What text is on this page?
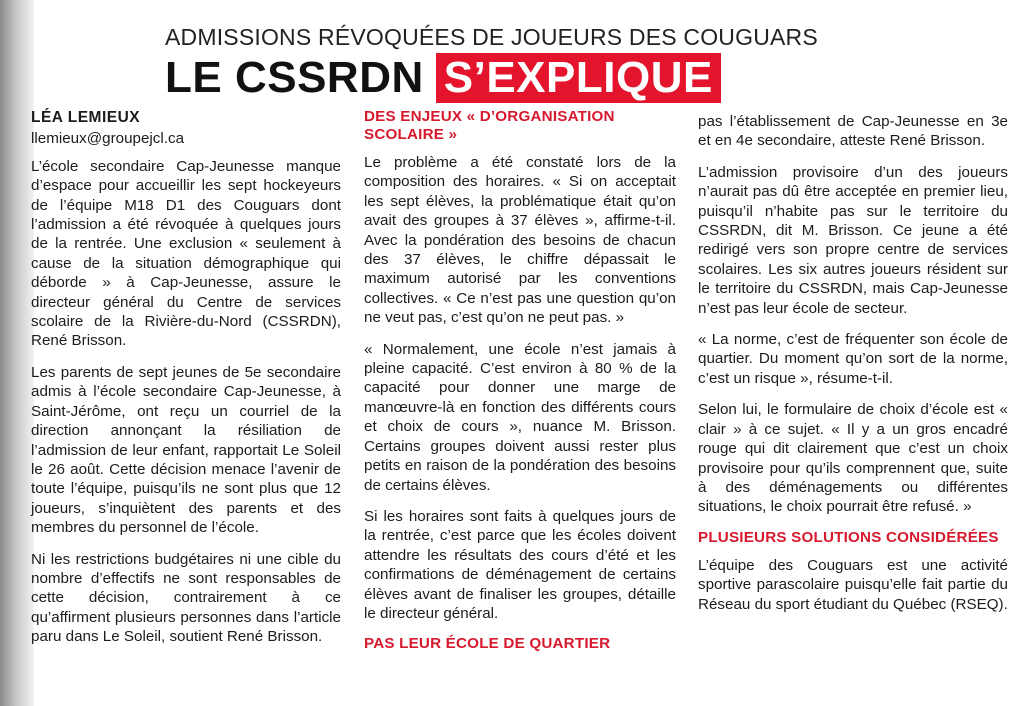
ADMISSIONS RÉVOQUÉES DE JOUEURS DES COUGUARS
LE CSSRDN S’EXPLIQUE
LÉA LEMIEUX
llemieux@groupejcl.ca

L’école secondaire Cap-Jeunesse manque d’espace pour accueillir les sept hockeyeurs de l’équipe M18 D1 des Couguars dont l’admission a été révoquée à quelques jours de la rentrée. Une exclusion « seulement à cause de la situation démographique qui déborde » à Cap-Jeunesse, assure le directeur général du Centre de services scolaire de la Rivière-du-Nord (CSSRDN), René Brisson.

Les parents de sept jeunes de 5e secondaire admis à l’école secondaire Cap-Jeunesse, à Saint-Jérôme, ont reçu un courriel de la direction annonçant la résiliation de l’admission de leur enfant, rapportait Le Soleil le 26 août. Cette décision menace l’avenir de toute l’équipe, puisqu’ils ne sont plus que 12 joueurs, s’inquiètent des parents et des membres du personnel de l’école.

Ni les restrictions budgétaires ni une cible du nombre d’effectifs ne sont responsables de cette décision, contrairement à ce qu’affirment plusieurs personnes dans l’article paru dans Le Soleil, soutient René Brisson.

DES ENJEUX « D’ORGANISATION SCOLAIRE »

Le problème a été constaté lors de la composition des horaires. « Si on acceptait les sept élèves, la problématique était qu’on avait des groupes à 37 élèves », affirme-t-il. Avec la pondération des besoins de chacun des 37 élèves, le chiffre dépassait le maximum autorisé par les conventions collectives. « Ce n’est pas une question qu’on ne veut pas, c’est qu’on ne peut pas. »

« Normalement, une école n’est jamais à pleine capacité. C’est environ à 80 % de la capacité pour donner une marge de manœuvre-là en fonction des différents cours et choix de cours », nuance M. Brisson. Certains groupes doivent aussi rester plus petits en raison de la pondération des besoins de certains élèves.

Si les horaires sont faits à quelques jours de la rentrée, c’est parce que les écoles doivent attendre les résultats des cours d’été et les confirmations de déménagement de certains élèves avant de finaliser les groupes, détaille le directeur général.

PAS LEUR ÉCOLE DE QUARTIER

pas l’établissement de Cap-Jeunesse en 3e et en 4e secondaire, atteste René Brisson.

L’admission provisoire d’un des joueurs n’aurait pas dû être acceptée en premier lieu, puisqu’il n’habite pas sur le territoire du CSSRDN, dit M. Brisson. Ce jeune a été redirigé vers son propre centre de services scolaires. Les six autres joueurs résident sur le territoire du CSSRDN, mais Cap-Jeunesse n’est pas leur école de secteur.

« La norme, c’est de fréquenter son école de quartier. Du moment qu’on sort de la norme, c’est un risque », résume-t-il.

Selon lui, le formulaire de choix d’école est « clair » à ce sujet. « Il y a un gros encadré rouge qui dit clairement que c’est un choix provisoire pour qu’ils comprennent que, suite à des déménagements ou différentes situations, le choix pourrait être refusé. »

PLUSIEURS SOLUTIONS CONSIDÉRÉES

L’équipe des Couguars est une activité sportive parascolaire puisqu’elle fait partie du Réseau du sport étudiant du Québec (RSEQ).
